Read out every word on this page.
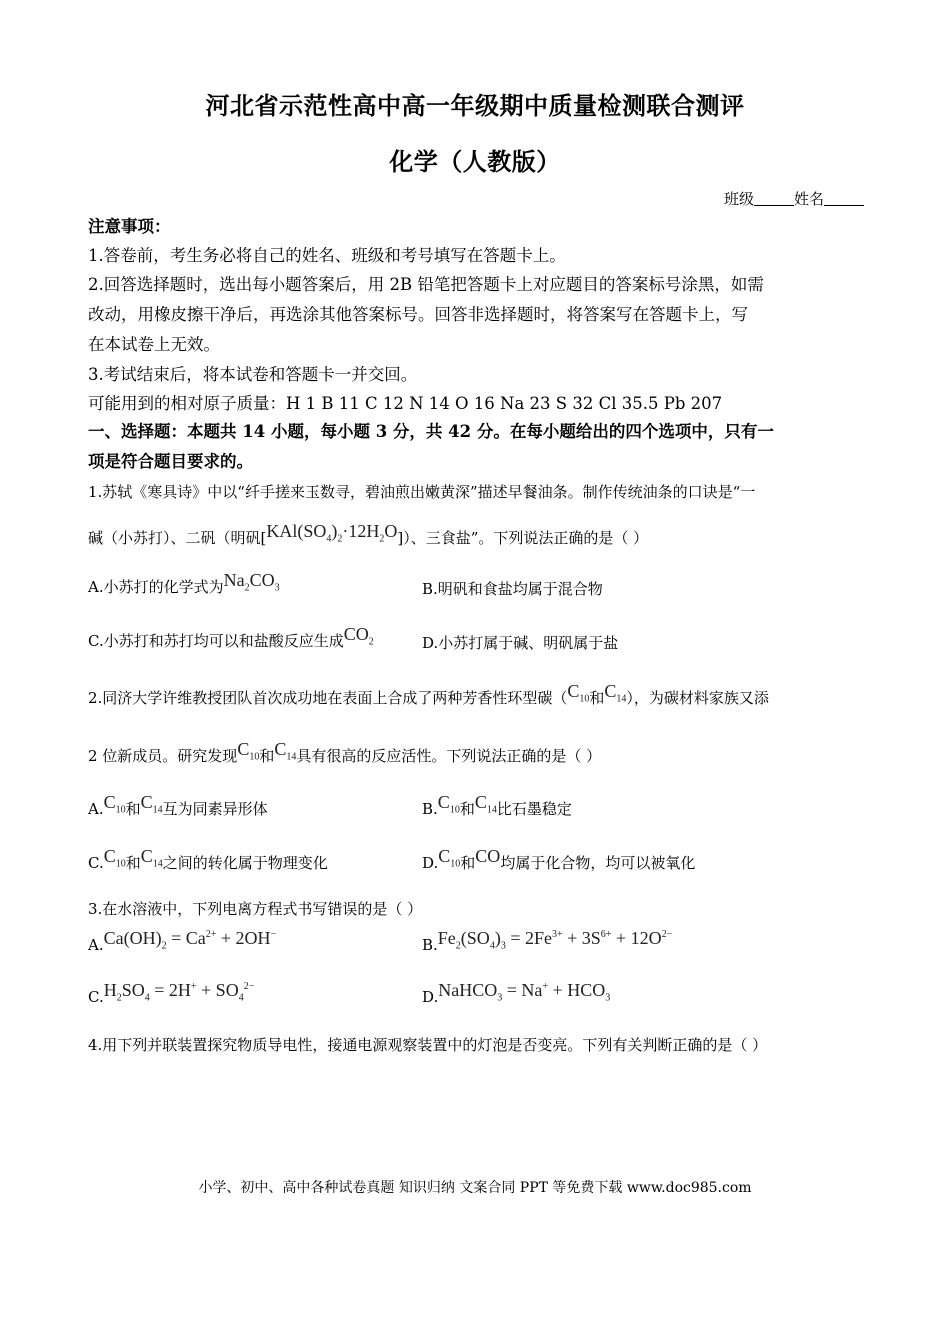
河北省示范性高中高一年级期中质量检测联合测评
化学（人教版）
班级	姓名
注意事项：
1.答卷前，考生务必将自己的姓名、班级和考号填写在答题卡上。
2.回答选择题时，选出每小题答案后，用 2B 铅笔把答题卡上对应题目的答案标号涂黑，如需
改动，用橡皮擦干净后，再选涂其他答案标号。回答非选择题时，将答案写在答题卡上，写
在本试卷上无效。
3.考试结束后，将本试卷和答题卡一并交回。
可能用到的相对原子质量：H 1 B 11 C 12 N 14 O 16 Na 23 S 32 Cl 35.5 Pb 207
一、选择题：本题共 14 小题，每小题 3 分，共 42 分。在每小题给出的四个选项中，只有一
项是符合题目要求的。
1.苏轼《寒具诗》中以“纤手搓来玉数寻，碧油煎出嫩黄深”描述早餐油条。制作传统油条的口诀是“一
碱（小苏打）、二矾（明矾$[KAl(SO_4)_2\cdot 12H_2O]$）、三食盐”。下列说法正确的是（ ）
A.小苏打的化学式为$Na_2CO_3$	B.明矾和食盐均属于混合物
C.小苏打和苏打均可以和盐酸反应生成$CO_2$	D.小苏打属于碱、明矾属于盐
2.同济大学许维教授团队首次成功地在表面上合成了两种芳香性环型碳（$C_{10}$和$C_{14}$），为碳材料家族又添
2 位新成员。研究发现$C_{10}$和$C_{14}$具有很高的反应活性。下列说法正确的是（ ）
$A.C_{10}$和$C_{14}$互为同素异形体	$B.C_{10}$和$C_{14}$比石墨稳定
$C.C_{10}$和$C_{14}$之间的转化属于物理变化	$D.C_{10}$和CO均属于化合物，均可以被氧化
3.在水溶液中，下列电离方程式书写错误的是（ ）
$A.Ca(OH)_2 = Ca^{2+} + 2OH^-$
$B.Fe_2(SO_4)_3 = 2Fe^{3+} + 3S^{6+} + 12O^{2-}$
$C.H_2SO_4 = 2H^+ + SO_4^{2-}$
D.NaHCO$_3$ = $Na^+ + HCO_3$
4.用下列并联装置探究物质导电性，接通电源观察装置中的灯泡是否变亮。下列有关判断正确的是（ ）
小学、初中、高中各种试卷真题 知识归纳 文案合同 PPT 等免费下载 www.doc985.com
